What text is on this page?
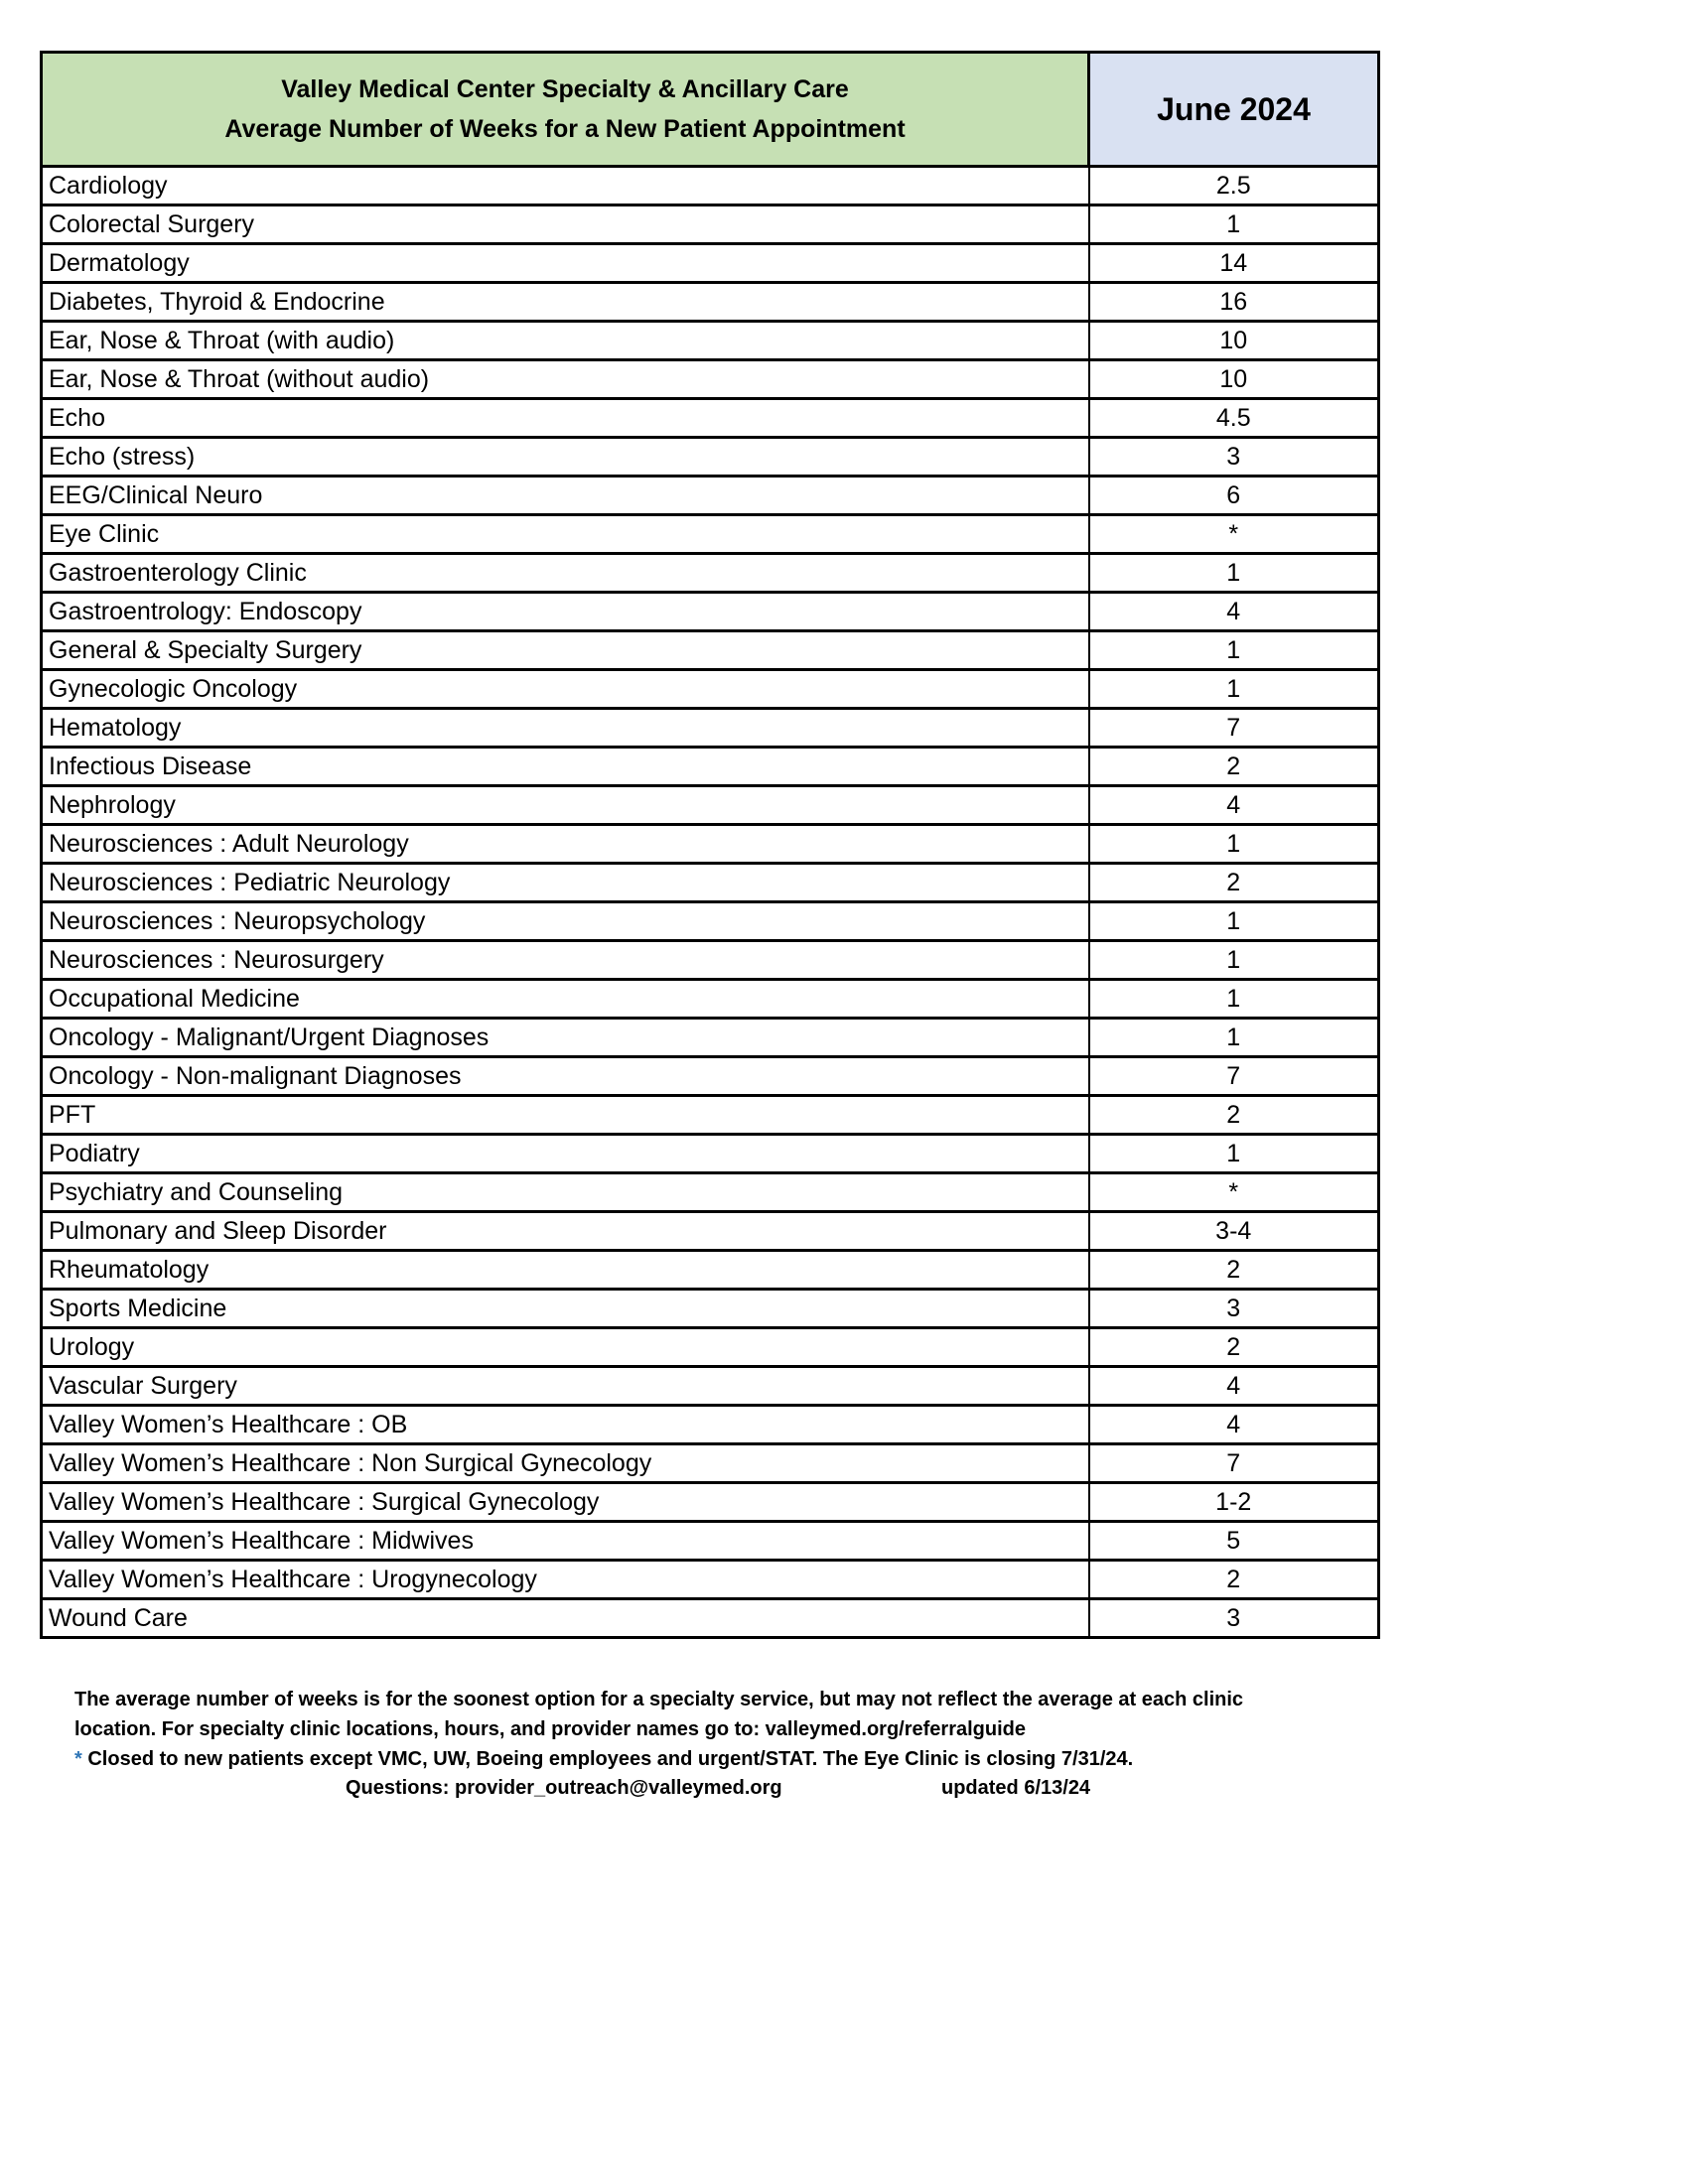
Valley Medical Center Specialty & Ancillary Care
Average Number of Weeks for a New Patient Appointment	June 2024
Cardiology	2.5
Colorectal Surgery	1
Dermatology	14
Diabetes, Thyroid & Endocrine	16
Ear, Nose & Throat (with audio)	10
Ear, Nose & Throat (without audio)	10
Echo	4.5
Echo (stress)	3
EEG/Clinical Neuro	6
Eye Clinic	*
Gastroenterology Clinic	1
Gastroentrology: Endoscopy	4
General & Specialty Surgery	1
Gynecologic Oncology	1
Hematology	7
Infectious Disease	2
Nephrology	4
Neurosciences : Adult Neurology	1
Neurosciences : Pediatric Neurology	2
Neurosciences : Neuropsychology	1
Neurosciences : Neurosurgery	1
Occupational Medicine	1
Oncology - Malignant/Urgent Diagnoses	1
Oncology - Non-malignant Diagnoses	7
PFT	2
Podiatry	1
Psychiatry and Counseling	*
Pulmonary and Sleep Disorder	3-4
Rheumatology	2
Sports Medicine	3
Urology	2
Vascular Surgery	4
Valley Women’s Healthcare : OB	4
Valley Women’s Healthcare : Non Surgical Gynecology	7
Valley Women’s Healthcare : Surgical Gynecology	1-2
Valley Women’s Healthcare : Midwives	5
Valley Women’s Healthcare : Urogynecology	2
Wound Care	3
The average number of weeks is for the soonest option for a specialty service, but may not reflect the average at each clinic
location. For specialty clinic locations, hours, and provider names go to: valleymed.org/referralguide
* Closed to new patients except VMC, UW, Boeing employees and urgent/STAT. The Eye Clinic is closing 7/31/24.
Questions: provider_outreach@valleymed.org	updated 6/13/24
